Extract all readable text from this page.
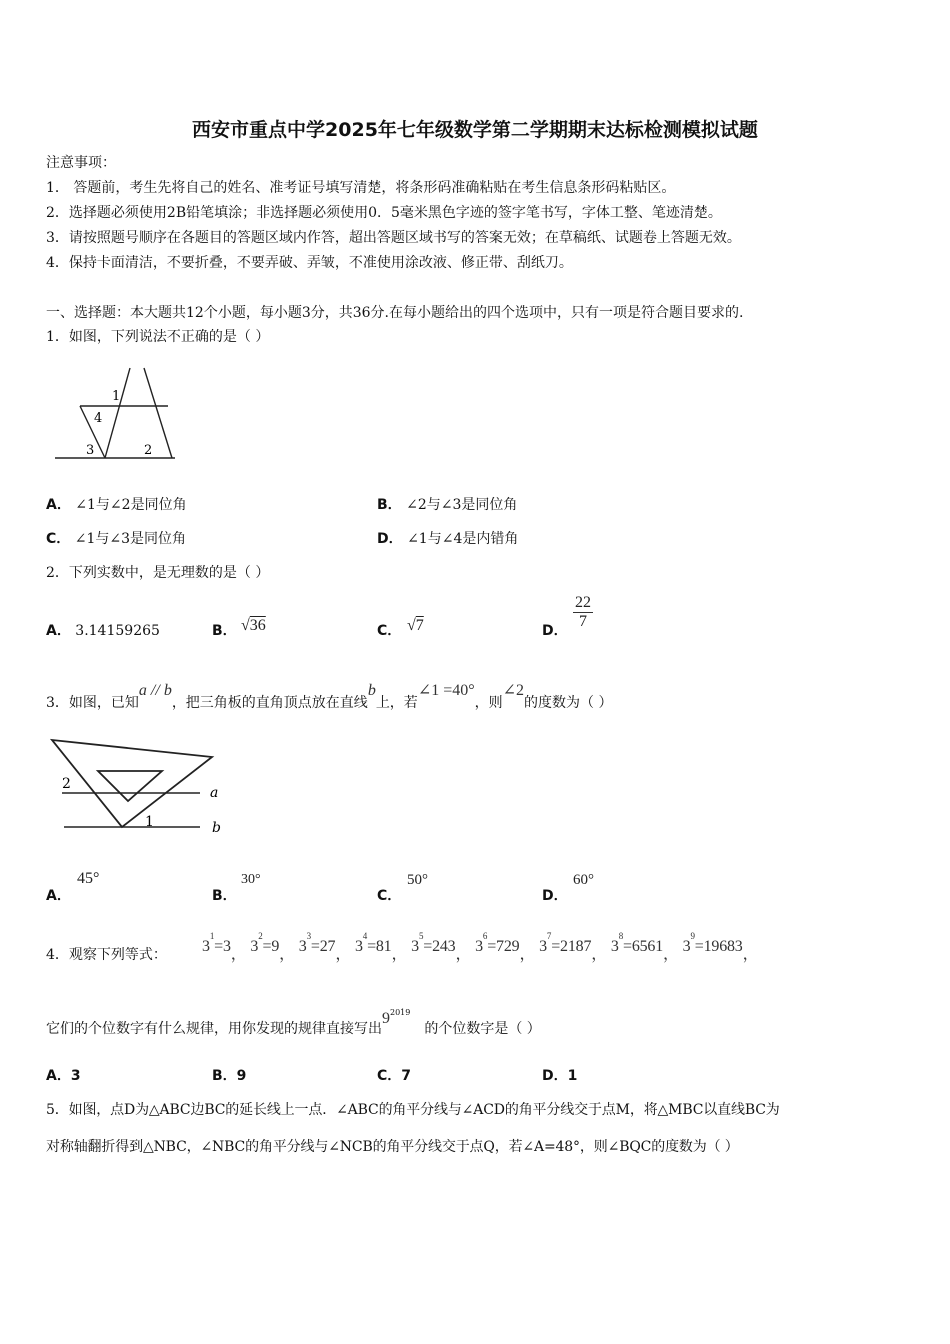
西安市重点中学2025年七年级数学第二学期期末达标检测模拟试题
注意事项：
1． 答题前，考生先将自己的姓名、准考证号填写清楚，将条形码准确粘贴在考生信息条形码粘贴区。
2．选择题必须使用2B铅笔填涂；非选择题必须使用0．5毫米黑色字迹的签字笔书写，字体工整、笔迹清楚。
3．请按照题号顺序在各题目的答题区域内作答，超出答题区域书写的答案无效；在草稿纸、试题卷上答题无效。
4．保持卡面清洁，不要折叠，不要弄破、弄皱，不准使用涂改液、修正带、刮纸刀。
一、选择题：本大题共12个小题，每小题3分，共36分.在每小题给出的四个选项中，只有一项是符合题目要求的.
1．如图，下列说法不正确的是（ ）
1
4
3	2
A． ∠1与∠2是同位角	B． ∠2与∠3是同位角
C． ∠1与∠3是同位角	D． ∠1与∠4是内错角
2．下列实数中，是无理数的是（ ）
A． 3.14159265	B． √36	C． √7	D． $\frac{22}{7}$
3．如图，已知a // b，把三角板的直角顶点放在直线b上，若∠1 =40°，则∠2的度数为（ ）
2
a
1	b
A．
45°
B．
30°
C．
50°
D．
60°
4．观察下列等式： $3^1=3$， $3^2=9$， $3^3=27$， $3^4=81$， $3^5=243$， $3^6=729$， $3^7=2187$， $3^8=6561$， $3^9=19683$，
它们的个位数字有什么规律，用你发现的规律直接写出$9^{2019}$的个位数字是（ ）
A．3	B．9	C．7	D．1
5．如图，点D为△ABC边BC的延长线上一点．∠ABC的角平分线与∠ACD的角平分线交于点M，将△MBC以直线BC为
对称轴翻折得到△NBC，∠NBC的角平分线与∠NCB的角平分线交于点Q，若∠A=48°，则∠BQC的度数为（ ）
